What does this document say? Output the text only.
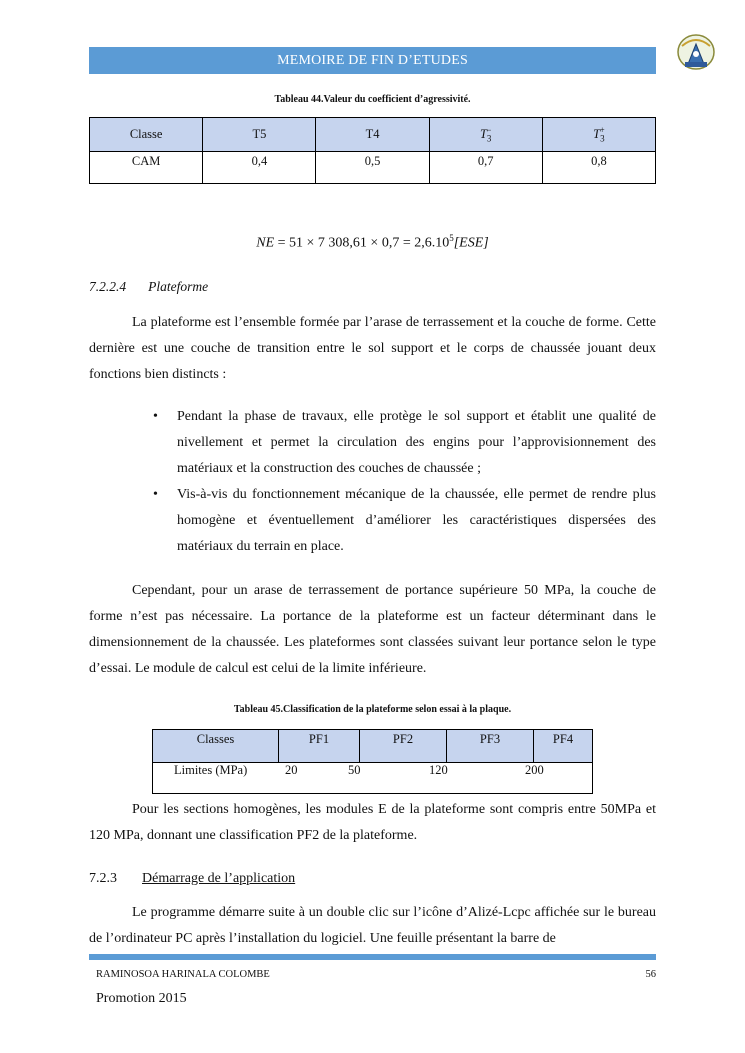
MEMOIRE DE FIN D’ETUDES
Tableau 44.Valeur du coefficient d’agressivité.
Classe	T5	T4	$T_3^-$	$T_3^+$
CAM	0,4	0,5	0,7	0,8
NE = 51 × 7 $308,61 \times 0,7 = 2,6.10^5[ESE]$
7.2.2.4 Plateforme
La plateforme est l’ensemble formée par l’arase de terrassement et la couche de forme. Cette dernière est une couche de transition entre le sol support et le corps de chaussée jouant deux fonctions bien distincts :
• Pendant la phase de travaux, elle protège le sol support et établit une qualité de nivellement et permet la circulation des engins pour l’approvisionnement des matériaux et la construction des couches de chaussée ;
• Vis-à-vis du fonctionnement mécanique de la chaussée, elle permet de rendre plus homogène et éventuellement d’améliorer les caractéristiques dispersées des matériaux du terrain en place.
Cependant, pour un arase de terrassement de portance supérieure 50 MPa, la couche de forme n’est pas nécessaire. La portance de la plateforme est un facteur déterminant dans le dimensionnement de la chaussée. Les plateformes sont classées suivant leur portance selon le type d’essai. Le module de calcul est celui de la limite inférieure.
Tableau 45.Classification de la plateforme selon essai à la plaque.
Classes	PF1	PF2	PF3	PF4
Limites (MPa)	20	50	120	200
Pour les sections homogènes, les modules E de la plateforme sont compris entre 50MPa et 120 MPa, donnant une classification PF2 de la plateforme.
7.2.3 Démarrage de l’application
Le programme démarre suite à un double clic sur l’icône d’Alizé-Lcpc affichée sur le bureau de l’ordinateur PC après l’installation du logiciel. Une feuille présentant la barre de
RAMINOSOA HARINALA COLOMBE	56
Promotion 2015
